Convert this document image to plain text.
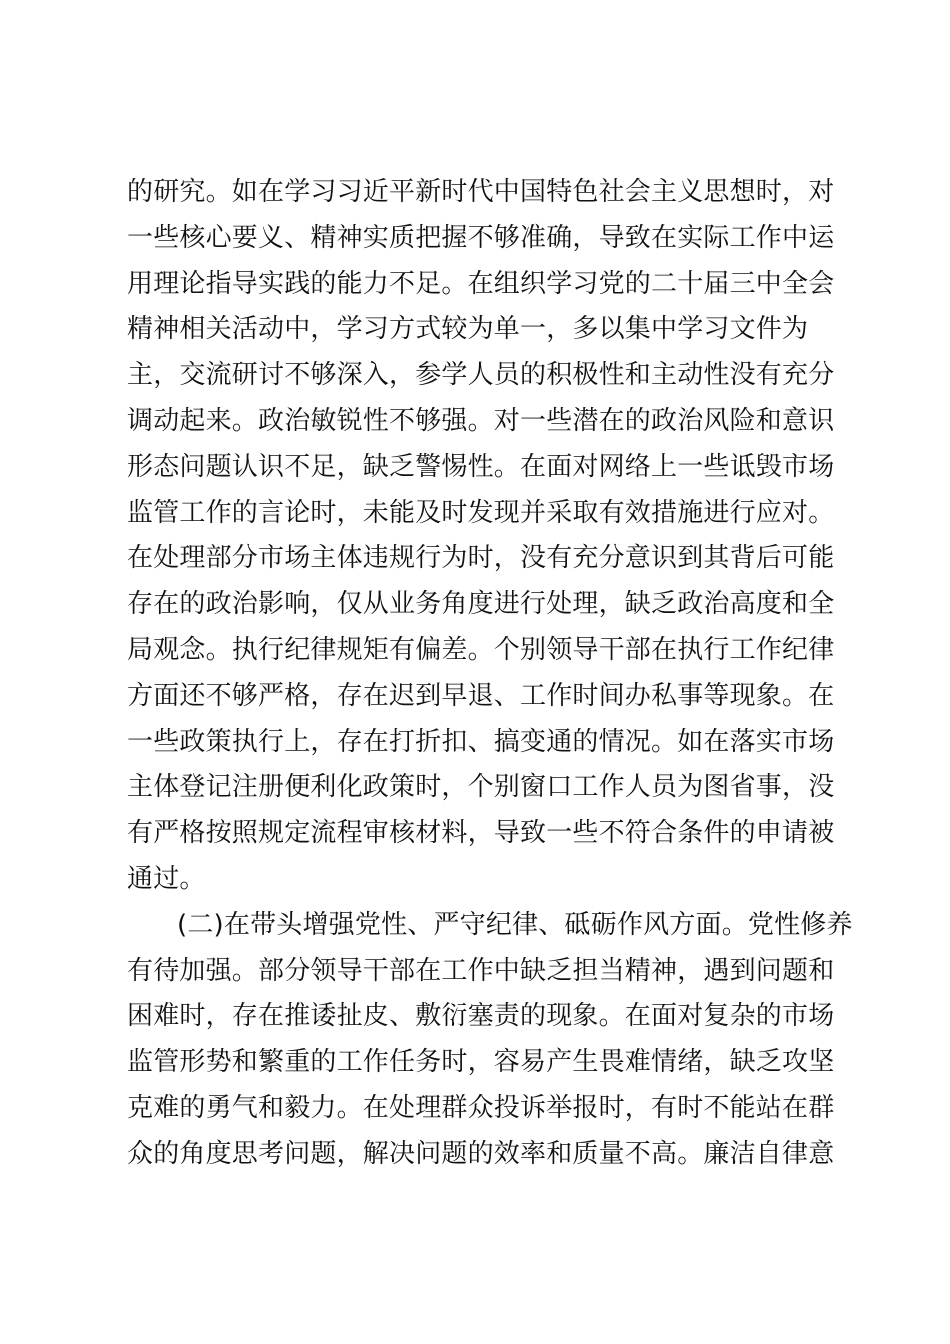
的研究。如在学习习近平新时代中国特色社会主义思想时，对
一些核心要义、精神实质把握不够准确，导致在实际工作中运
用理论指导实践的能力不足。在组织学习党的二十届三中全会
精神相关活动中，学习方式较为单一，多以集中学习文件为
主，交流研讨不够深入，参学人员的积极性和主动性没有充分
调动起来。政治敏锐性不够强。对一些潜在的政治风险和意识
形态问题认识不足，缺乏警惕性。在面对网络上一些诋毁市场
监管工作的言论时，未能及时发现并采取有效措施进行应对。
在处理部分市场主体违规行为时，没有充分意识到其背后可能
存在的政治影响，仅从业务角度进行处理，缺乏政治高度和全
局观念。执行纪律规矩有偏差。个别领导干部在执行工作纪律
方面还不够严格，存在迟到早退、工作时间办私事等现象。在
一些政策执行上，存在打折扣、搞变通的情况。如在落实市场
主体登记注册便利化政策时，个别窗口工作人员为图省事，没
有严格按照规定流程审核材料，导致一些不符合条件的申请被
通过。
(二)在带头增强党性、严守纪律、砥砺作风方面。党性修养
有待加强。部分领导干部在工作中缺乏担当精神，遇到问题和
困难时，存在推诿扯皮、敷衍塞责的现象。在面对复杂的市场
监管形势和繁重的工作任务时，容易产生畏难情绪，缺乏攻坚
克难的勇气和毅力。在处理群众投诉举报时，有时不能站在群
众的角度思考问题，解决问题的效率和质量不高。廉洁自律意
